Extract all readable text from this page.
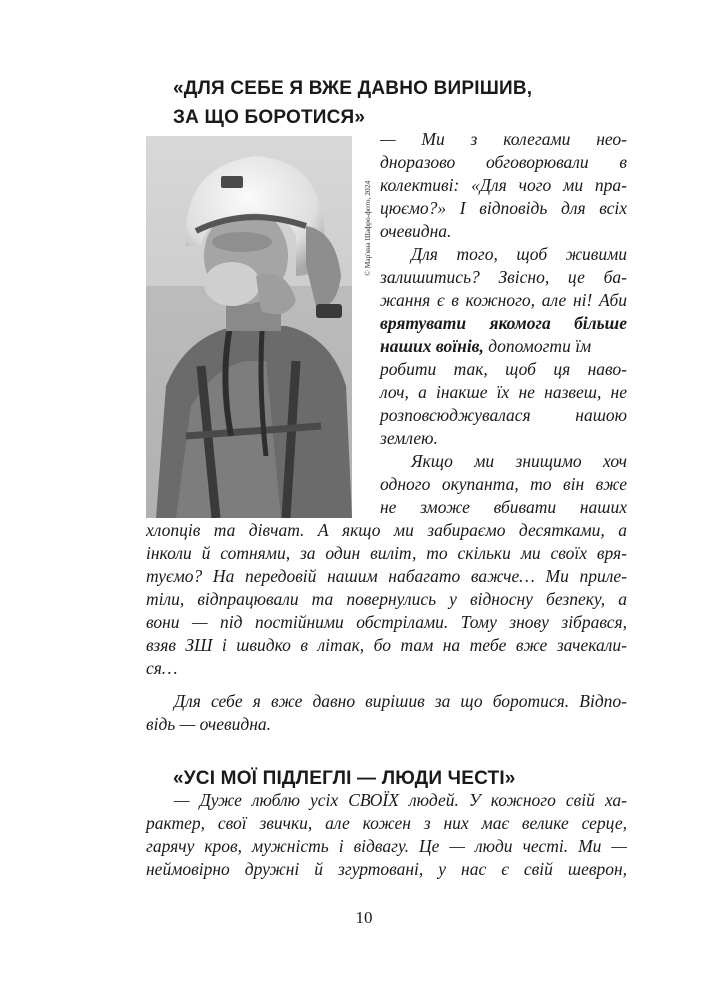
«ДЛЯ СЕБЕ Я ВЖЕ ДАВНО ВИРІШИВ,
ЗА ЩО БОРОТИСЯ»
© Мар'яна Шафро-фото, 2024
— Ми з колегами нео-
дноразово обговорювали в
колективі: «Для чого ми пра-
цюємо?» І відповідь для всіх
очевидна.
Для того, щоб живими
залишитись? Звісно, це ба-
жання є в кожного, але ні! Аби
врятувати якомога більше
наших воїнів, допомогти їм
робити так, щоб ця наво-
лоч, а інакше їх не назвеш, не
розповсюджувалася нашою
землею.
Якщо ми знищимо хоч
одного окупанта, то він вже
не зможе вбивати наших
хлопців та дівчат. А якщо ми забираємо десятками, а
інколи й сотнями, за один виліт, то скільки ми своїх вря-
туємо? На передовій нашим набагато важче… Ми прилe-
тіли, відпрацювали та повернулись у відносну безпеку, а
вони — під постійними обстрілами. Тому знову зібрався,
взяв ЗШ і швидко в літак, бо там на тебе вже зачекали-
ся…
Для себе я вже давно вирішив за що боротися. Відпо-
відь — очевидна.
«УСІ МОЇ ПІДЛЕГЛІ — ЛЮДИ ЧЕСТІ»
— Дуже люблю усіх СВОЇХ людей. У кожного свій ха-
рактер, свої звички, але кожен з них має велике серце,
гарячу кров, мужність і відвагу. Це — люди честі. Ми —
неймовірно дружні й згуртовані, у нас є свій шеврон,
10
